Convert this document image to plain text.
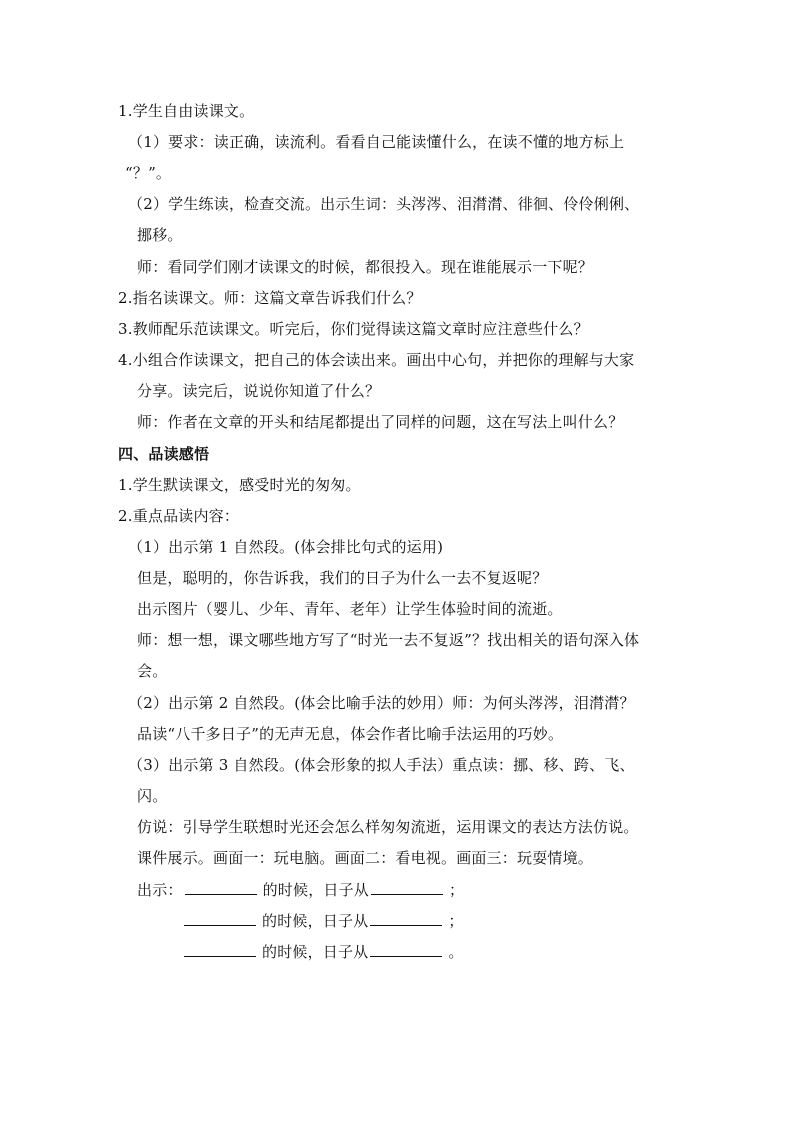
1.学生自由读课文。
（1）要求：读正确，读流利。看看自己能读懂什么，在读不懂的地方标上
“？”。
（2）学生练读，检查交流。出示生词：头涔涔、泪潸潸、徘徊、伶伶俐俐、
挪移。
师：看同学们刚才读课文的时候，都很投入。现在谁能展示一下呢？
2.指名读课文。师：这篇文章告诉我们什么？
3.教师配乐范读课文。听完后，你们觉得读这篇文章时应注意些什么？
4.小组合作读课文，把自己的体会读出来。画出中心句，并把你的理解与大家
分享。读完后，说说你知道了什么？
师：作者在文章的开头和结尾都提出了同样的问题，这在写法上叫什么？
四、品读感悟
1.学生默读课文，感受时光的匆匆。
2.重点品读内容：
（1）出示第 1 自然段。(体会排比句式的运用)
但是，聪明的，你告诉我，我们的日子为什么一去不复返呢？
出示图片（婴儿、少年、青年、老年）让学生体验时间的流逝。
师：想一想，课文哪些地方写了“时光一去不复返”？找出相关的语句深入体
会。
（2）出示第 2 自然段。(体会比喻手法的妙用）师：为何头涔涔，泪潸潸？
品读“八千多日子”的无声无息，体会作者比喻手法运用的巧妙。
（3）出示第 3 自然段。(体会形象的拟人手法）重点读：挪、移、跨、飞、
闪。
仿说：引导学生联想时光还会怎么样匆匆流逝，运用课文的表达方法仿说。
课件展示。画面一：玩电脑。画面二：看电视。画面三：玩耍情境。
出示：	的时候，日子从	；
的时候，日子从	；
的时候，日子从	。
